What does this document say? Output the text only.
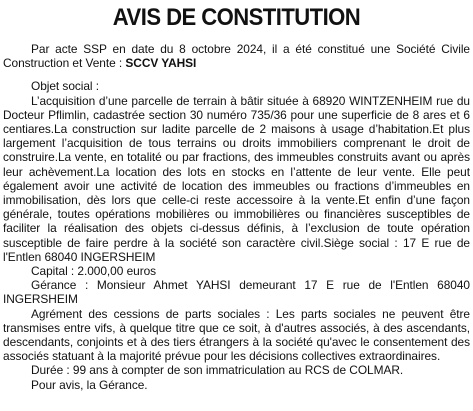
AVIS DE CONSTITUTION

Par acte SSP en date du 8 octobre 2024, il a été constitué une Société Civile Construction et Vente : SCCV YAHSI

Objet social :

L’acquisition d’une parcelle de terrain à bâtir située à 68920 WINTZENHEIM rue du Docteur Pflimlin, cadastrée section 30 numéro 735/36 pour une superficie de 8 ares et 6 centiares.La construction sur ladite parcelle de 2 maisons à usage d’habitation.Et plus largement l’acquisition de tous terrains ou droits immobiliers comprenant le droit de construire.La vente, en totalité ou par fractions, des immeubles construits avant ou après leur achèvement.La location des lots en stocks en l’attente de leur vente. Elle peut également avoir une activité de location des immeubles ou fractions d’immeubles en immobilisation, dès lors que celle-ci reste accessoire à la vente.Et enfin d’une façon générale, toutes opérations mobilières ou immobilières ou financières susceptibles de faciliter la réalisation des objets ci-dessus définis, à l’exclusion de toute opération susceptible de faire perdre à la société son caractère civil.Siège social : 17 E rue de l'Entlen 68040 INGERSHEIM

Capital : 2.000,00 euros

Gérance : Monsieur Ahmet YAHSI demeurant 17 E rue de l'Entlen 68040 INGERSHEIM

Agrément des cessions de parts sociales : Les parts sociales ne peuvent être transmises entre vifs, à quelque titre que ce soit, à d'autres associés, à des ascendants, descendants, conjoints et à des tiers étrangers à la société qu'avec le consentement des associés statuant à la majorité prévue pour les décisions collectives extraordinaires.

Durée : 99 ans à compter de son immatriculation au RCS de COLMAR.

Pour avis, la Gérance.
